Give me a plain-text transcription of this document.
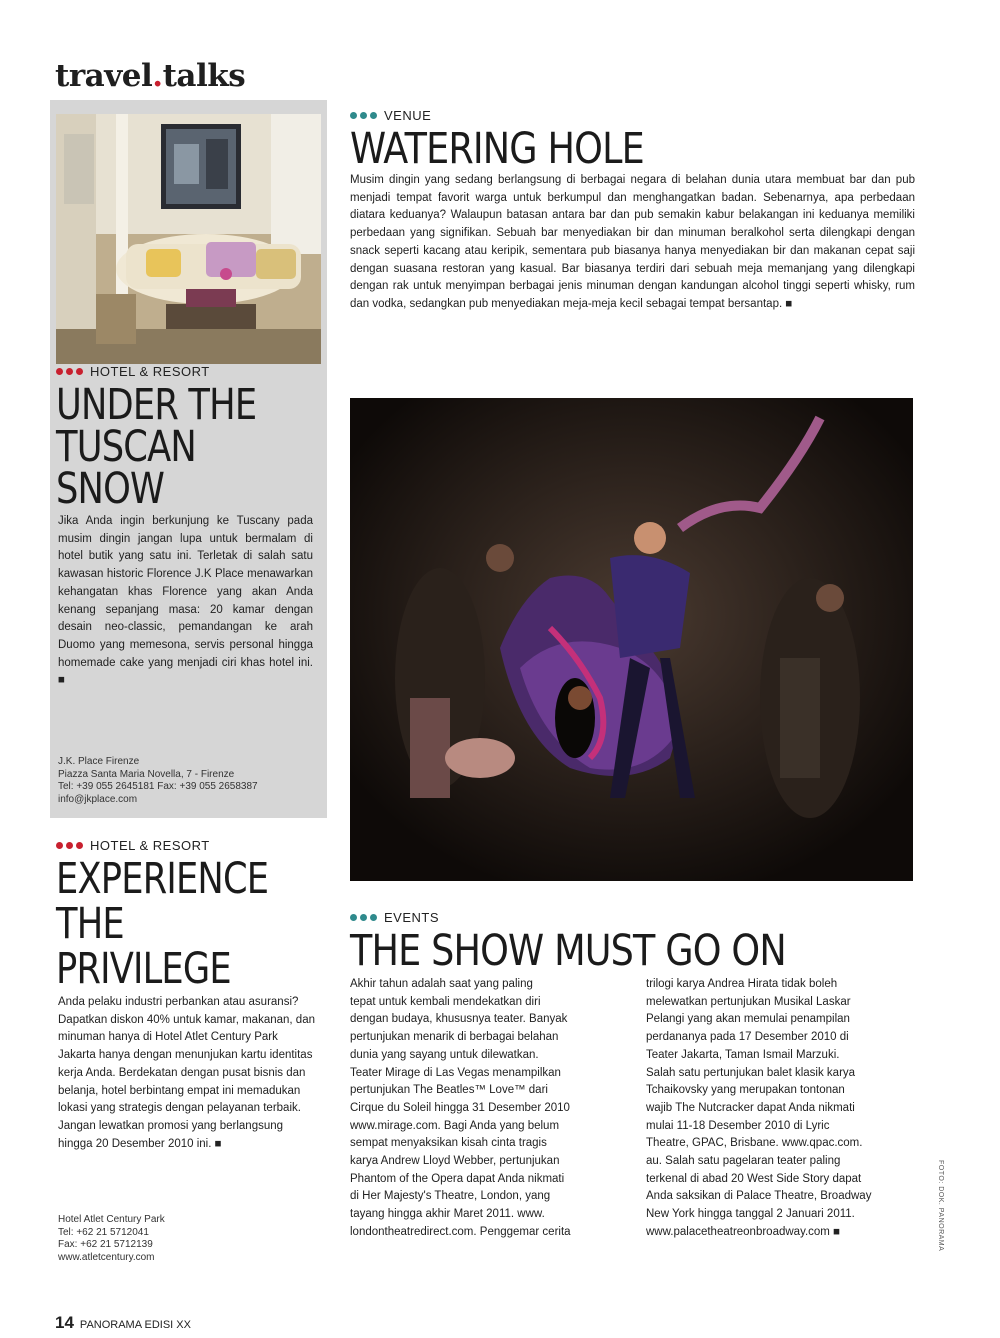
travel.talks
HOTEL & RESORT
UNDER THE
TUSCAN
SNOW
Jika Anda ingin berkunjung ke Tuscany pada musim dingin jangan lupa untuk bermalam di hotel butik yang satu ini. Terletak di salah satu kawasan historic Florence J.K Place menawarkan kehangatan khas Florence yang akan Anda kenang sepanjang masa: 20 kamar dengan desain neo-classic, pemandangan ke arah Duomo yang memesona, servis personal hingga homemade cake yang menjadi ciri khas hotel ini. ■
J.K. Place Firenze
Piazza Santa Maria Novella, 7 - Firenze
Tel: +39 055 2645181 Fax: +39 055 2658387
info@jkplace.com
HOTEL & RESORT
EXPERIENCE
THE
PRIVILEGE
Anda pelaku industri perbankan atau asuransi? Dapatkan diskon 40% untuk kamar, makanan, dan minuman hanya di Hotel Atlet Century Park Jakarta hanya dengan menunjukan kartu identitas kerja Anda. Berdekatan dengan pusat bisnis dan belanja, hotel berbintang empat ini memadukan lokasi yang strategis dengan pelayanan terbaik. Jangan lewatkan promosi yang berlangsung hingga 20 Desember 2010 ini. ■
Hotel Atlet Century Park
Tel: +62 21 5712041
Fax: +62 21 5712139
www.atletcentury.com
VENUE
WATERING HOLE
Musim dingin yang sedang berlangsung di berbagai negara di belahan dunia utara membuat bar dan pub menjadi tempat favorit warga untuk berkumpul dan menghangatkan badan. Sebenarnya, apa perbedaan diatara keduanya? Walaupun batasan antara bar dan pub semakin kabur belakangan ini keduanya memiliki perbedaan yang signifikan. Sebuah bar menyediakan bir dan minuman beralkohol serta dilengkapi dengan snack seperti kacang atau keripik, sementara pub biasanya hanya menyediakan bir dan makanan cepat saji dengan suasana restoran yang kasual. Bar biasanya terdiri dari sebuah meja memanjang yang dilengkapi dengan rak untuk menyimpan berbagai jenis minuman dengan kandungan alcohol tinggi seperti whisky, rum dan vodka, sedangkan pub menyediakan meja-meja kecil sebagai tempat bersantap. ■
EVENTS
THE SHOW MUST GO ON
Akhir tahun adalah saat yang paling
tepat untuk kembali mendekatkan diri
dengan budaya, khususnya teater. Banyak
pertunjukan menarik di berbagai belahan
dunia yang sayang untuk dilewatkan.
Teater Mirage di Las Vegas menampilkan
pertunjukan The Beatles™ Love™ dari
Cirque du Soleil hingga 31 Desember 2010
www.mirage.com. Bagi Anda yang belum
sempat menyaksikan kisah cinta tragis
karya Andrew Lloyd Webber, pertunjukan
Phantom of the Opera dapat Anda nikmati
di Her Majesty's Theatre, London, yang
tayang hingga akhir Maret 2011. www.
londontheatredirect.com. Penggemar cerita
trilogi karya Andrea Hirata tidak boleh
melewatkan pertunjukan Musikal Laskar
Pelangi yang akan memulai penampilan
perdananya pada 17 Desember 2010 di
Teater Jakarta, Taman Ismail Marzuki.
Salah satu pertunjukan balet klasik karya
Tchaikovsky yang merupakan tontonan
wajib The Nutcracker dapat Anda nikmati
mulai 11-18 Desember 2010 di Lyric
Theatre, GPAC, Brisbane. www.qpac.com.
au. Salah satu pagelaran teater paling
terkenal di abad 20 West Side Story dapat
Anda saksikan di Palace Theatre, Broadway
New York hingga tanggal 2 Januari 2011.
www.palacetheatreonbroadway.com ■	FOTO: DOK. PANORAMA
14 PANORAMA EDISI XX
